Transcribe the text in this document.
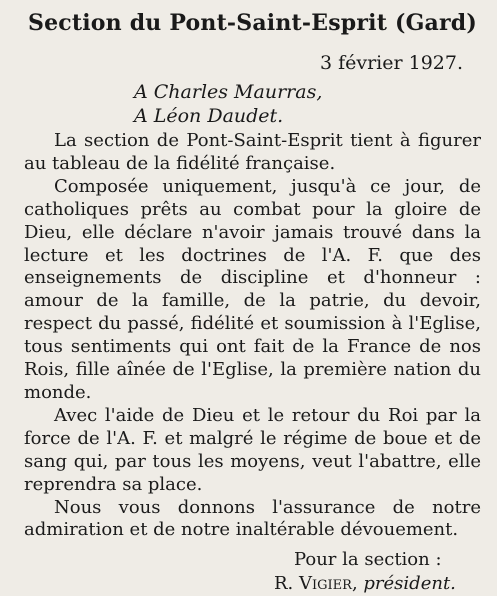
Section du Pont-Saint-Esprit (Gard)
3 février 1927.
A Charles Maurras,
A Léon Daudet.

La section de Pont-Saint-Esprit tient à figurer au tableau de la fidélité française.

Composée uniquement, jusqu'à ce jour, de catholiques prêts au combat pour la gloire de Dieu, elle déclare n'avoir jamais trouvé dans la lecture et les doctrines de l'A. F. que des enseignements de discipline et d'honneur : amour de la famille, de la patrie, du devoir, respect du passé, fidélité et soumission à l'Eglise, tous sentiments qui ont fait de la France de nos Rois, fille aînée de l'Eglise, la première nation du monde.

Avec l'aide de Dieu et le retour du Roi par la force de l'A. F. et malgré le régime de boue et de sang qui, par tous les moyens, veut l'abattre, elle reprendra sa place.

Nous vous donnons l'assurance de notre admiration et de notre inaltérable dévouement.

Pour la section :
R. Vigier, président.
